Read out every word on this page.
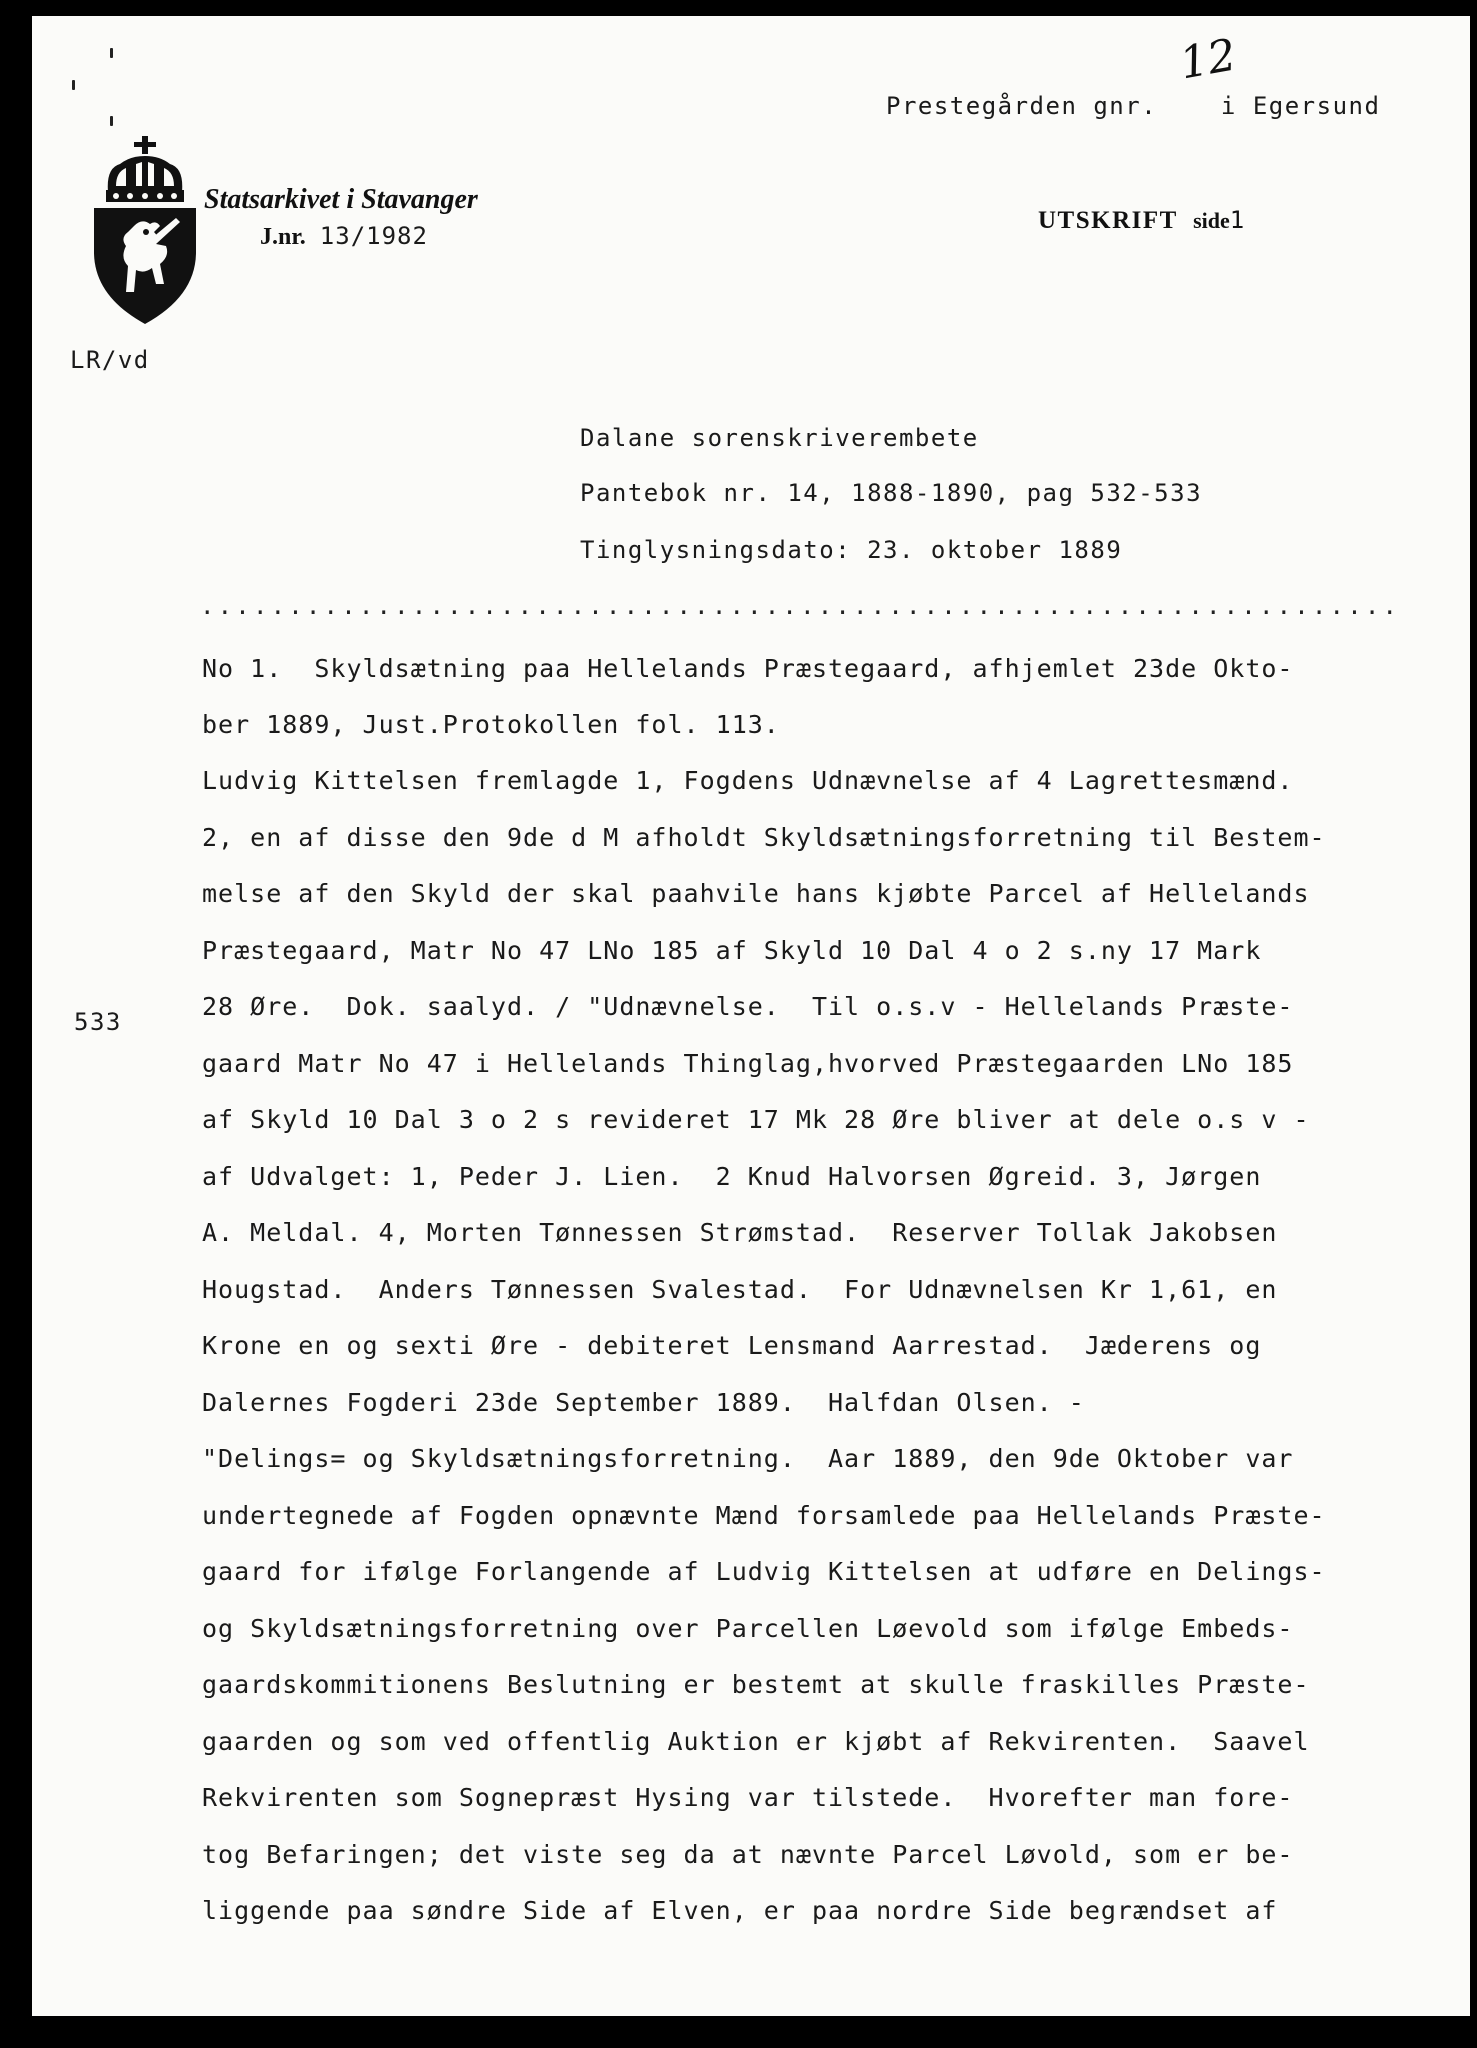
12
Prestegården gnr.    i Egersund
Statsarkivet i Stavanger
J.nr. 13/1982
UTSKRIFT side1
LR/vd
Dalane sorenskriverembete
Pantebok nr. 14, 1888-1890, pag 532-533
Tinglysningsdato: 23. oktober 1889
....................................................................
533
No 1.  Skyldsætning paa Hellelands Præstegaard, afhjemlet 23de Okto-
ber 1889, Just.Protokollen fol. 113.
Ludvig Kittelsen fremlagde 1, Fogdens Udnævnelse af 4 Lagrettesmænd.
2, en af disse den 9de d M afholdt Skyldsætningsforretning til Bestem-
melse af den Skyld der skal paahvile hans kjøbte Parcel af Hellelands
Præstegaard, Matr No 47 LNo 185 af Skyld 10 Dal 4 o 2 s.ny 17 Mark
28 Øre.  Dok. saalyd. / "Udnævnelse.  Til o.s.v - Hellelands Præste-
gaard Matr No 47 i Hellelands Thinglag,hvorved Præstegaarden LNo 185
af Skyld 10 Dal 3 o 2 s revideret 17 Mk 28 Øre bliver at dele o.s v -
af Udvalget: 1, Peder J. Lien.  2 Knud Halvorsen Øgreid. 3, Jørgen
A. Meldal. 4, Morten Tønnessen Strømstad.  Reserver Tollak Jakobsen
Hougstad.  Anders Tønnessen Svalestad.  For Udnævnelsen Kr 1,61, en
Krone en og sexti Øre - debiteret Lensmand Aarrestad.  Jæderens og
Dalernes Fogderi 23de September 1889.  Halfdan Olsen. -
"Delings= og Skyldsætningsforretning.  Aar 1889, den 9de Oktober var
undertegnede af Fogden opnævnte Mænd forsamlede paa Hellelands Præste-
gaard for ifølge Forlangende af Ludvig Kittelsen at udføre en Delings-
og Skyldsætningsforretning over Parcellen Løevold som ifølge Embeds-
gaardskommitionens Beslutning er bestemt at skulle fraskilles Præste-
gaarden og som ved offentlig Auktion er kjøbt af Rekvirenten.  Saavel
Rekvirenten som Sognepræst Hysing var tilstede.  Hvorefter man fore-
tog Befaringen; det viste seg da at nævnte Parcel Løvold, som er be-
liggende paa søndre Side af Elven, er paa nordre Side begrændset af
